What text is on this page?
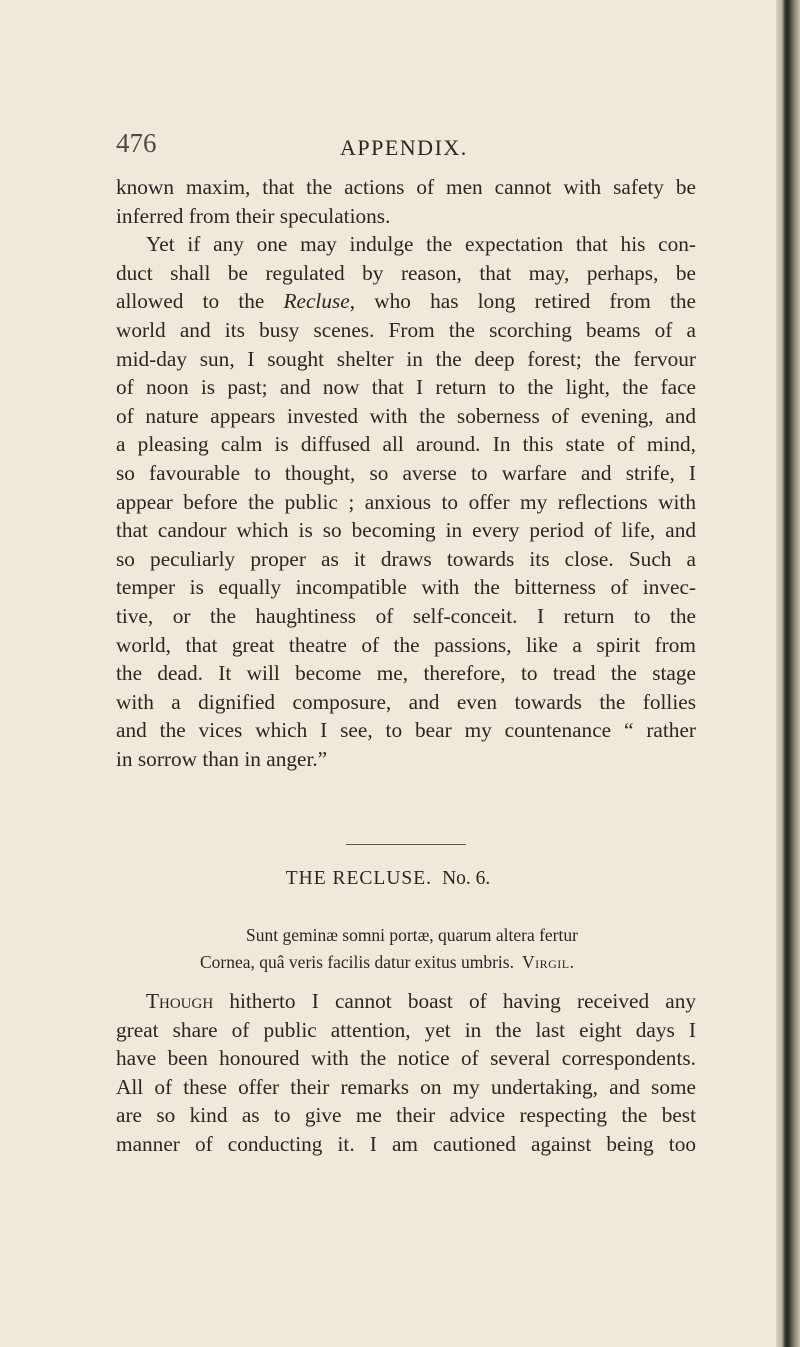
476	APPENDIX.

known maxim, that the actions of men cannot with safety be

inferred from their speculations.

Yet if any one may indulge the expectation that his con-

duct shall be regulated by reason, that may, perhaps, be

allowed to the Recluse, who has long retired from the

world and its busy scenes. From the scorching beams of a

mid-day sun, I sought shelter in the deep forest; the fervour

of noon is past; and now that I return to the light, the face

of nature appears invested with the soberness of evening, and

a pleasing calm is diffused all around. In this state of mind,

so favourable to thought, so averse to warfare and strife, I

appear before the public ; anxious to offer my reflections with

that candour which is so becoming in every period of life, and

so peculiarly proper as it draws towards its close. Such a

temper is equally incompatible with the bitterness of invec-

tive, or the haughtiness of self-conceit. I return to the

world, that great theatre of the passions, like a spirit from

the dead. It will become me, therefore, to tread the stage

with a dignified composure, and even towards the follies

and the vices which I see, to bear my countenance “ rather

in sorrow than in anger.”

THE RECLUSE. No. 6.
Sunt geminæ somni portæ, quarum altera fertur
Cornea, quâ veris facilis datur exitus umbris. Virgil.

Though hitherto I cannot boast of having received any

great share of public attention, yet in the last eight days I

have been honoured with the notice of several correspondents.

All of these offer their remarks on my undertaking, and some

are so kind as to give me their advice respecting the best

manner of conducting it. I am cautioned against being too
